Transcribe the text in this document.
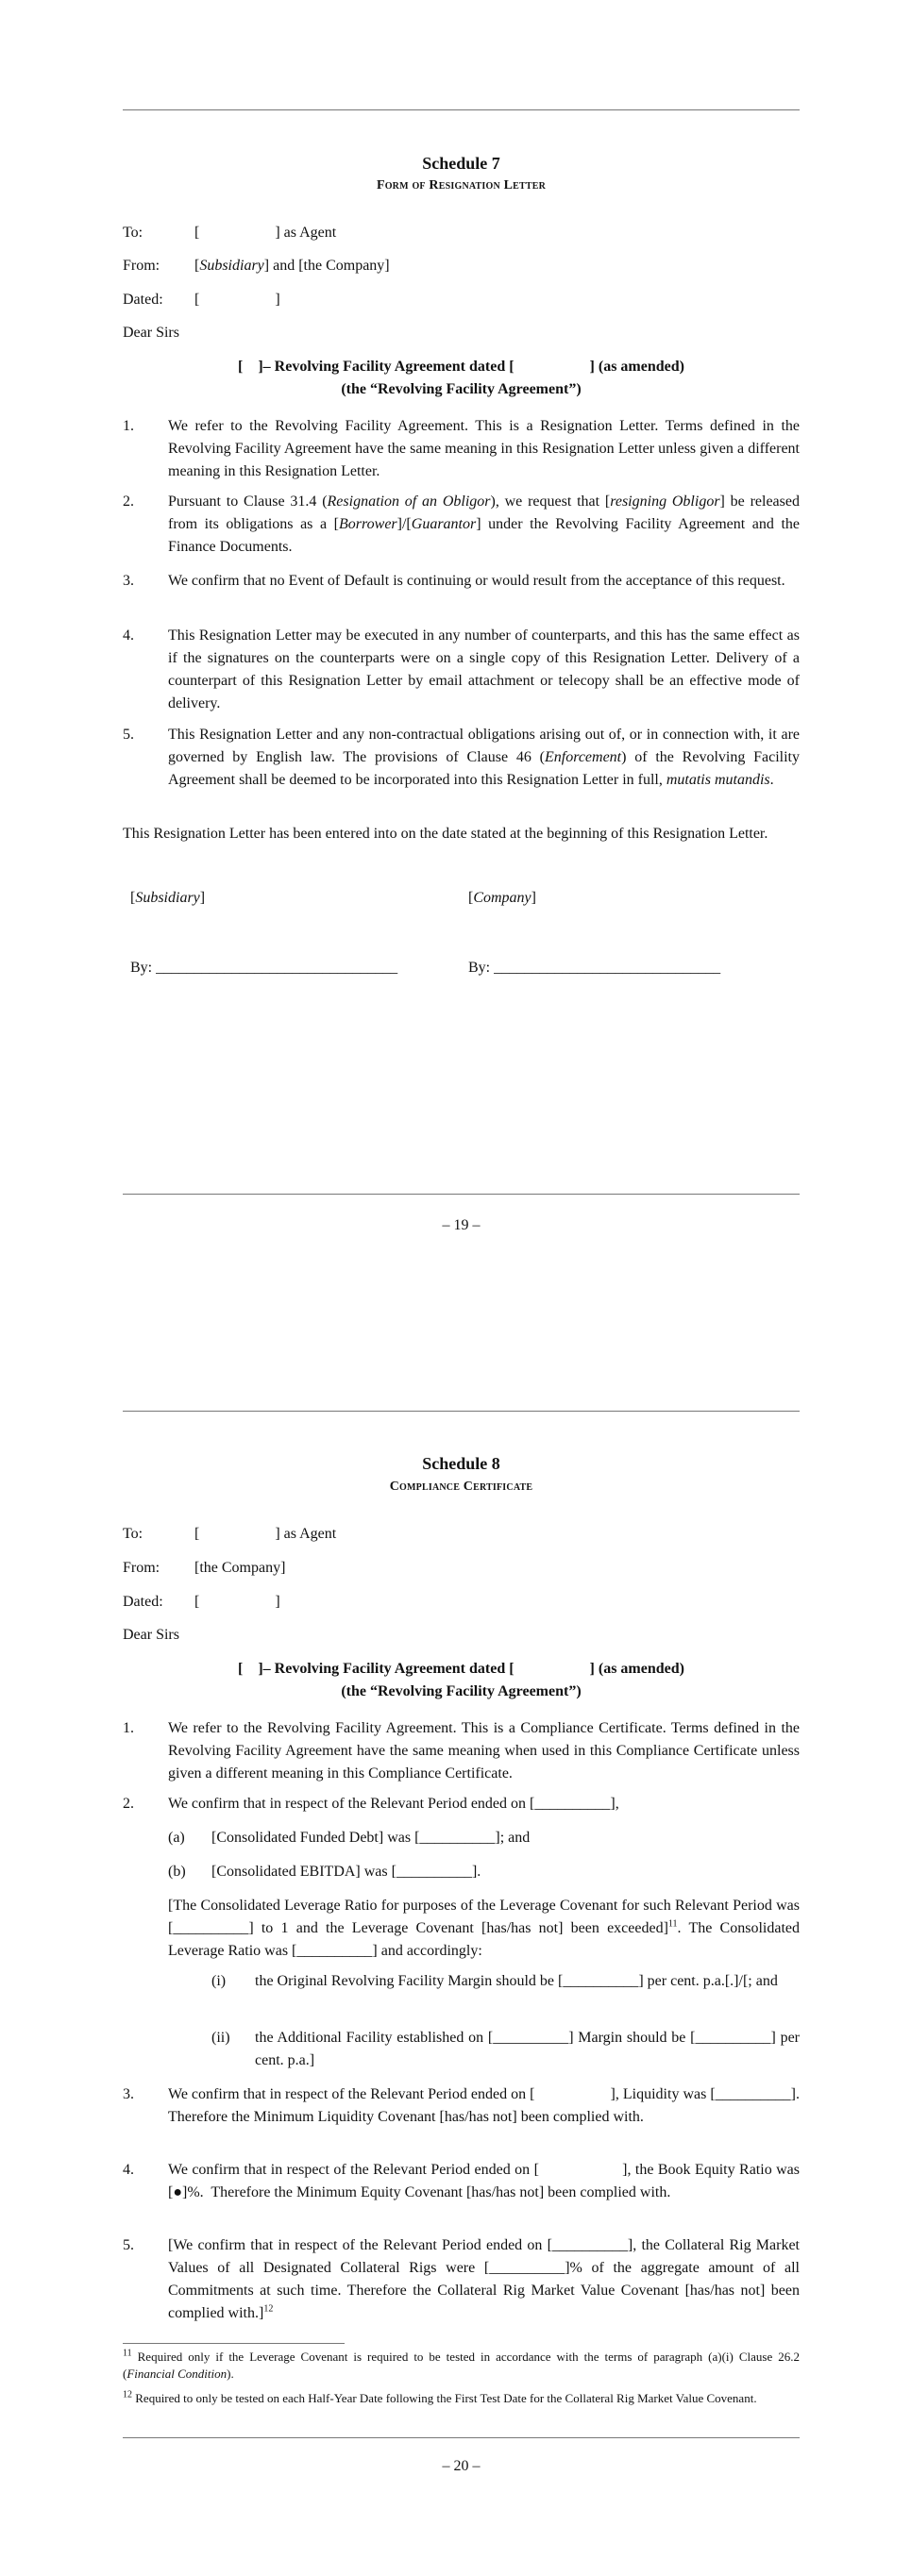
Schedule 7
Form of Resignation Letter
To:	[                    ] as Agent
From: [Subsidiary] and [the Company]
Dated: [                    ]
Dear Sirs
[    ]– Revolving Facility Agreement dated [                    ] (as amended)
(the “Revolving Facility Agreement”)
1. We refer to the Revolving Facility Agreement. This is a Resignation Letter. Terms defined in the Revolving Facility Agreement have the same meaning in this Resignation Letter unless given a different meaning in this Resignation Letter.
2. Pursuant to Clause 31.4 (Resignation of an Obligor), we request that [resigning Obligor] be released from its obligations as a [Borrower]/[Guarantor] under the Revolving Facility Agreement and the Finance Documents.
3. We confirm that no Event of Default is continuing or would result from the acceptance of this request.
4. This Resignation Letter may be executed in any number of counterparts, and this has the same effect as if the signatures on the counterparts were on a single copy of this Resignation Letter. Delivery of a counterpart of this Resignation Letter by email attachment or telecopy shall be an effective mode of delivery.
5. This Resignation Letter and any non-contractual obligations arising out of, or in connection with, it are governed by English law. The provisions of Clause 46 (Enforcement) of the Revolving Facility Agreement shall be deemed to be incorporated into this Resignation Letter in full, mutatis mutandis.
This Resignation Letter has been entered into on the date stated at the beginning of this Resignation Letter.
[Subsidiary]	[Company]
By: ________________________________	By: ______________________________
– 19 –
Schedule 8
Compliance Certificate
To:	[                    ] as Agent
From: [the Company]
Dated: [                    ]
Dear Sirs
[    ]– Revolving Facility Agreement dated [                    ] (as amended)
(the “Revolving Facility Agreement”)
1. We refer to the Revolving Facility Agreement. This is a Compliance Certificate. Terms defined in the Revolving Facility Agreement have the same meaning when used in this Compliance Certificate unless given a different meaning in this Compliance Certificate.
2. We confirm that in respect of the Relevant Period ended on [__________],
(a) [Consolidated Funded Debt] was [__________]; and
(b) [Consolidated EBITDA] was [__________].
[The Consolidated Leverage Ratio for purposes of the Leverage Covenant for such Relevant Period was [__________] to 1 and the Leverage Covenant [has/has not] been exceeded]$^{11}$. The Consolidated Leverage Ratio was [__________] and accordingly:
(i) the Original Revolving Facility Margin should be [__________] per cent. p.a.[.]/[; and
(ii) the Additional Facility established on [__________] Margin should be [__________] per cent. p.a.]
3. We confirm that in respect of the Relevant Period ended on [                    ], Liquidity was [__________]. Therefore the Minimum Liquidity Covenant [has/has not] been complied with.
4. We confirm that in respect of the Relevant Period ended on [                    ], the Book Equity Ratio was [●]%.  Therefore the Minimum Equity Covenant [has/has not] been complied with.
5. [We confirm that in respect of the Relevant Period ended on [__________], the Collateral Rig Market Values of all Designated Collateral Rigs were [__________]% of the aggregate amount of all Commitments at such time. Therefore the Collateral Rig Market Value Covenant [has/has not] been complied with.]$^{12}$
$^{11}$ Required only if the Leverage Covenant is required to be tested in accordance with the terms of paragraph (a)(i) Clause 26.2 (Financial Condition).
$^{12}$ Required to only be tested on each Half-Year Date following the First Test Date for the Collateral Rig Market Value Covenant.
– 20 –
